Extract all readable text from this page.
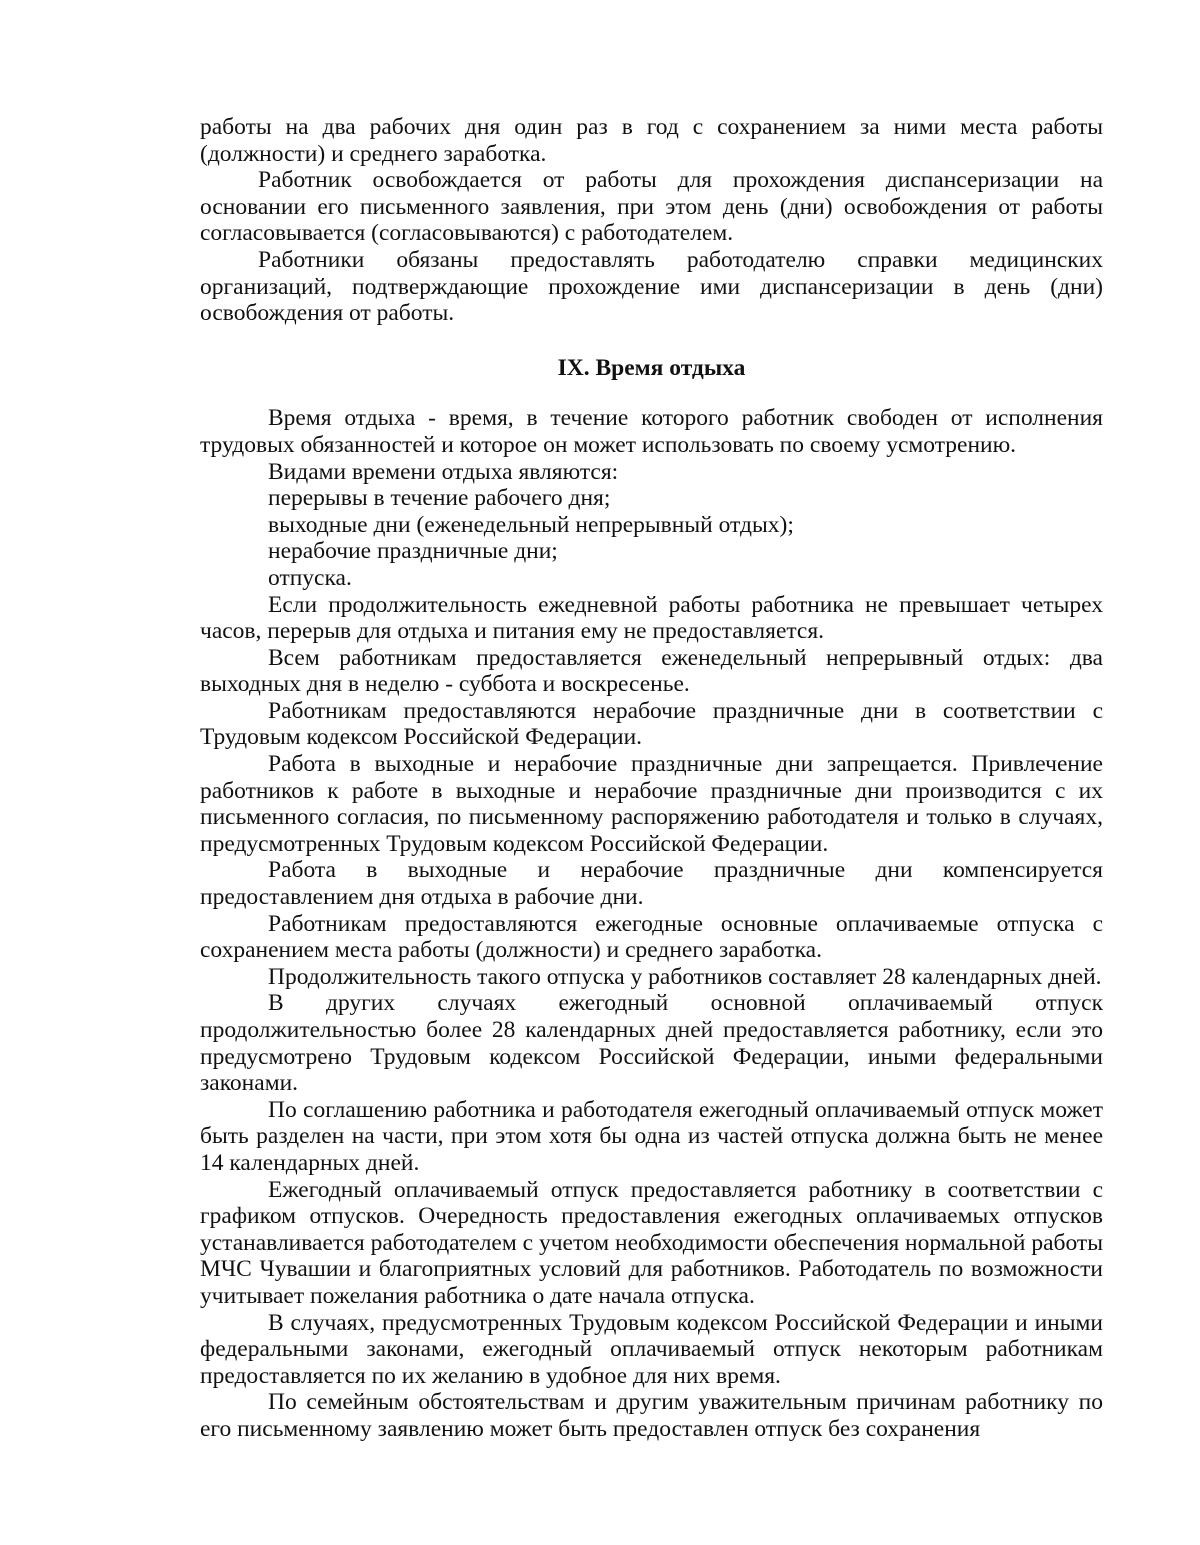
работы на два рабочих дня один раз в год с сохранением за ними места работы (должности) и среднего заработка.

Работник освобождается от работы для прохождения диспансеризации на основании его письменного заявления, при этом день (дни) освобождения от работы согласовывается (согласовываются) с работодателем.

Работники обязаны предоставлять работодателю справки медицинских организаций, подтверждающие прохождение ими диспансеризации в день (дни) освобождения от работы.

IX. Время отдыха

Время отдыха - время, в течение которого работник свободен от исполнения трудовых обязанностей и которое он может использовать по своему усмотрению.

Видами времени отдыха являются:

перерывы в течение рабочего дня;

выходные дни (еженедельный непрерывный отдых);

нерабочие праздничные дни;

отпуска.

Если продолжительность ежедневной работы работника не превышает четырех часов, перерыв для отдыха и питания ему не предоставляется.

Всем работникам предоставляется еженедельный непрерывный отдых: два выходных дня в неделю - суббота и воскресенье.

Работникам предоставляются нерабочие праздничные дни в соответствии с Трудовым кодексом Российской Федерации.

Работа в выходные и нерабочие праздничные дни запрещается. Привлечение работников к работе в выходные и нерабочие праздничные дни производится с их письменного согласия, по письменному распоряжению работодателя и только в случаях, предусмотренных Трудовым кодексом Российской Федерации.

Работа в выходные и нерабочие праздничные дни компенсируется предоставлением дня отдыха в рабочие дни.

Работникам предоставляются ежегодные основные оплачиваемые отпуска с сохранением места работы (должности) и среднего заработка.

Продолжительность такого отпуска у работников составляет 28 календарных дней.

В других случаях ежегодный основной оплачиваемый отпуск продолжительностью более 28 календарных дней предоставляется работнику, если это предусмотрено Трудовым кодексом Российской Федерации, иными федеральными законами.

По соглашению работника и работодателя ежегодный оплачиваемый отпуск может быть разделен на части, при этом хотя бы одна из частей отпуска должна быть не менее 14 календарных дней.

Ежегодный оплачиваемый отпуск предоставляется работнику в соответствии с графиком отпусков. Очередность предоставления ежегодных оплачиваемых отпусков устанавливается работодателем с учетом необходимости обеспечения нормальной работы МЧС Чувашии и благоприятных условий для работников. Работодатель по возможности учитывает пожелания работника о дате начала отпуска.

В случаях, предусмотренных Трудовым кодексом Российской Федерации и иными федеральными законами, ежегодный оплачиваемый отпуск некоторым работникам предоставляется по их желанию в удобное для них время.

По семейным обстоятельствам и другим уважительным причинам работнику по его письменному заявлению может быть предоставлен отпуск без сохранения
